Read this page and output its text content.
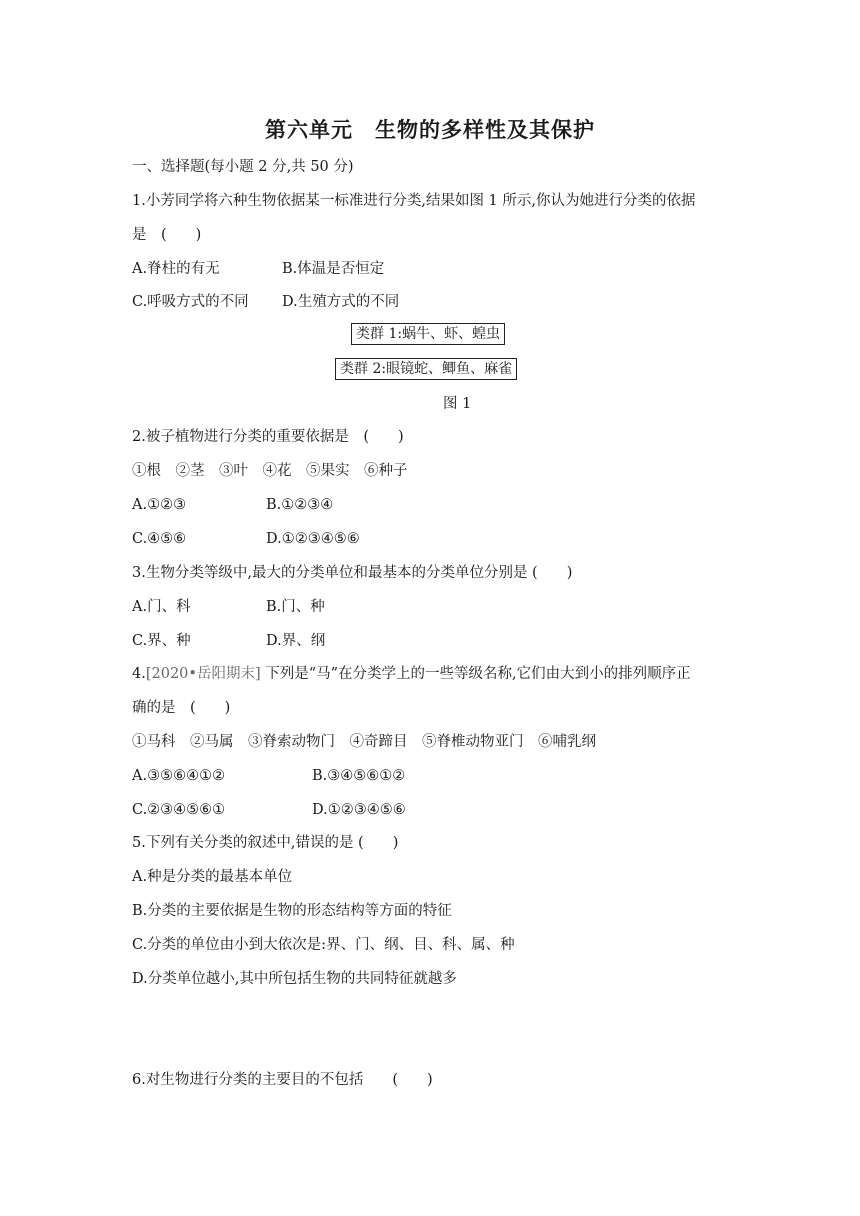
第六单元　生物的多样性及其保护
一、选择题(每小题 2 分,共 50 分)
1.小芳同学将六种生物依据某一标准进行分类,结果如图 1 所示,你认为她进行分类的依据
是　(　　)
A.脊柱的有无	B.体温是否恒定
C.呼吸方式的不同 D.生殖方式的不同
类群 1:蜗牛、虾、蝗虫
类群 2:眼镜蛇、鲫鱼、麻雀
图 1
2.被子植物进行分类的重要依据是　(　　)
①根　②茎　③叶　④花　⑤果实　⑥种子
A.①②③	B.①②③④
C.④⑤⑥	D.①②③④⑤⑥
3.生物分类等级中,最大的分类单位和最基本的分类单位分别是 (　　)
A.门、科	B.门、种
C.界、种	D.界、纲
4.[2020•岳阳期末] 下列是“马”在分类学上的一些等级名称,它们由大到小的排列顺序正
确的是　(　　)
①马科　②马属　③脊索动物门　④奇蹄目　⑤脊椎动物亚门　⑥哺乳纲
A.③⑤⑥④①②	B.③④⑤⑥①②
C.②③④⑤⑥①	D.①②③④⑤⑥
5.下列有关分类的叙述中,错误的是 (　　)
A.种是分类的最基本单位
B.分类的主要依据是生物的形态结构等方面的特征
C.分类的单位由小到大依次是:界、门、纲、目、科、属、种
D.分类单位越小,其中所包括生物的共同特征就越多
6.对生物进行分类的主要目的不包括　　(　　)
